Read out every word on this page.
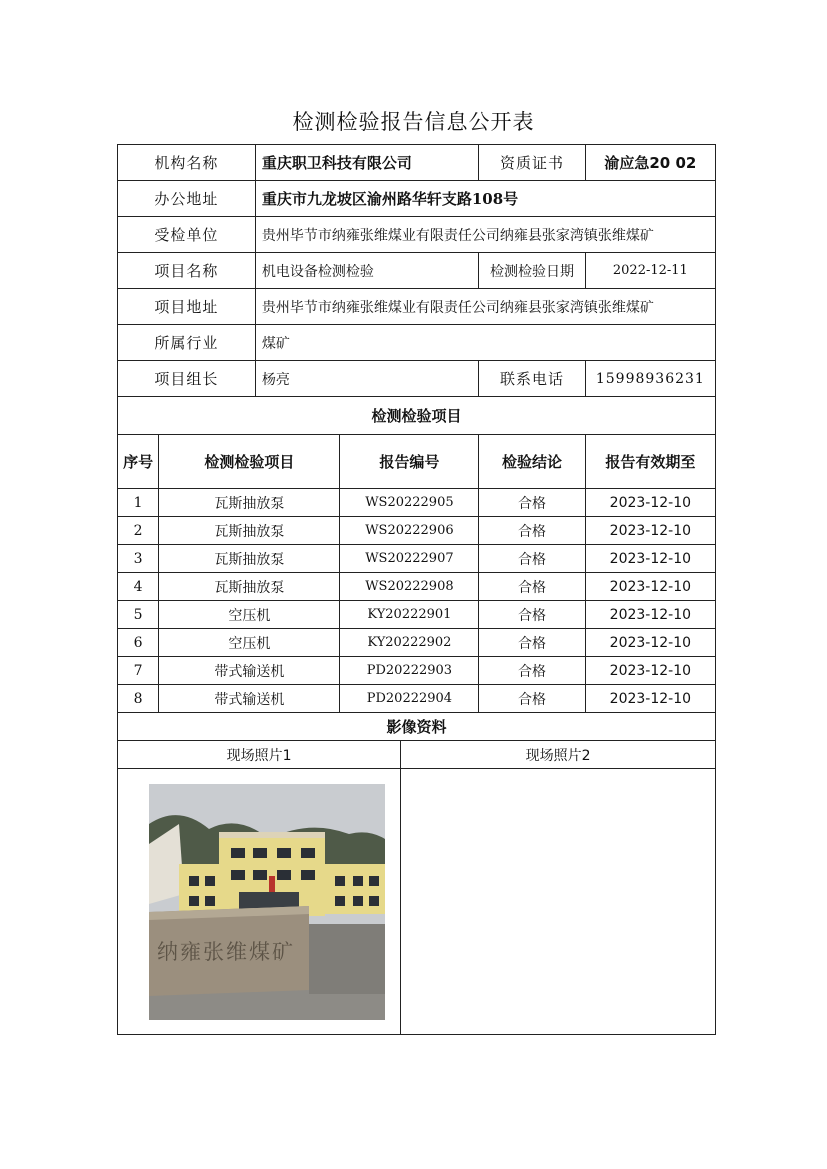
检测检验报告信息公开表
机构名称		重庆职卫科技有限公司			资质证书	渝应急20 02
办公地址		重庆市九龙坡区渝州路华轩支路108号				
受检单位		贵州毕节市纳雍张维煤业有限责任公司纳雍县张家湾镇张维煤矿				
项目名称		机电设备检测检验			检测检验日期	2022-12-11
项目地址		贵州毕节市纳雍张维煤业有限责任公司纳雍县张家湾镇张维煤矿				
所属行业		煤矿				
项目组长		杨亮			联系电话	15998936231
检测检验项目						
序号	检测检验项目		报告编号		检验结论	报告有效期至
1	瓦斯抽放泵		WS20222905		合格	2023-12-10
2	瓦斯抽放泵		WS20222906		合格	2023-12-10
3	瓦斯抽放泵		WS20222907		合格	2023-12-10
4	瓦斯抽放泵		WS20222908		合格	2023-12-10
5	空压机		KY20222901		合格	2023-12-10
6	空压机		KY20222902		合格	2023-12-10
7	带式输送机		PD20222903		合格	2023-12-10
8	带式输送机		PD20222904		合格	2023-12-10
影像资料						
现场照片1				现场照片2		

纳雍张维煤矿						
